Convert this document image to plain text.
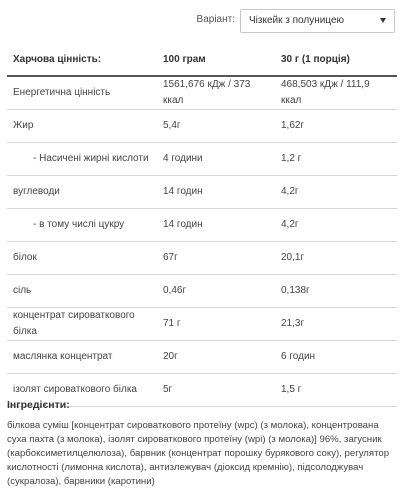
Варіант:	Чізкейк з полуницею
Харчова цінність:	100 грам	30 г (1 порція)
Енергетична цінність	1561,676 кДж / 373 ккал	468,503 кДж / 111,9 ккал
Жир	5,4г	1,62г
- Насичені жирні кислоти	4 години	1,2 г
вуглеводи	14 годин	4,2г
- в тому числі цукру	14 годин	4,2г
білок	67г	20,1г
сіль	0,46г	0,138г
концентрат сироваткового білка	71 г	21,3г
маслянка концентрат	20г	6 годин
ізолят сироваткового білка	5г	1,5 г
Інгредієнти:
білкова суміш [концентрат сироваткового протеїну (wpc) (з молока), концентрована суха пахта (з молока), ізолят сироваткового протеїну (wpi) (з молока)] 96%, загусник (карбоксиметилцелюлоза), барвник (концентрат порошку бурякового соку), регулятор кислотності (лимонна кислота), антизлежувач (діоксид кремнію), підсолоджувач (сукралоза), барвники (каротини)
